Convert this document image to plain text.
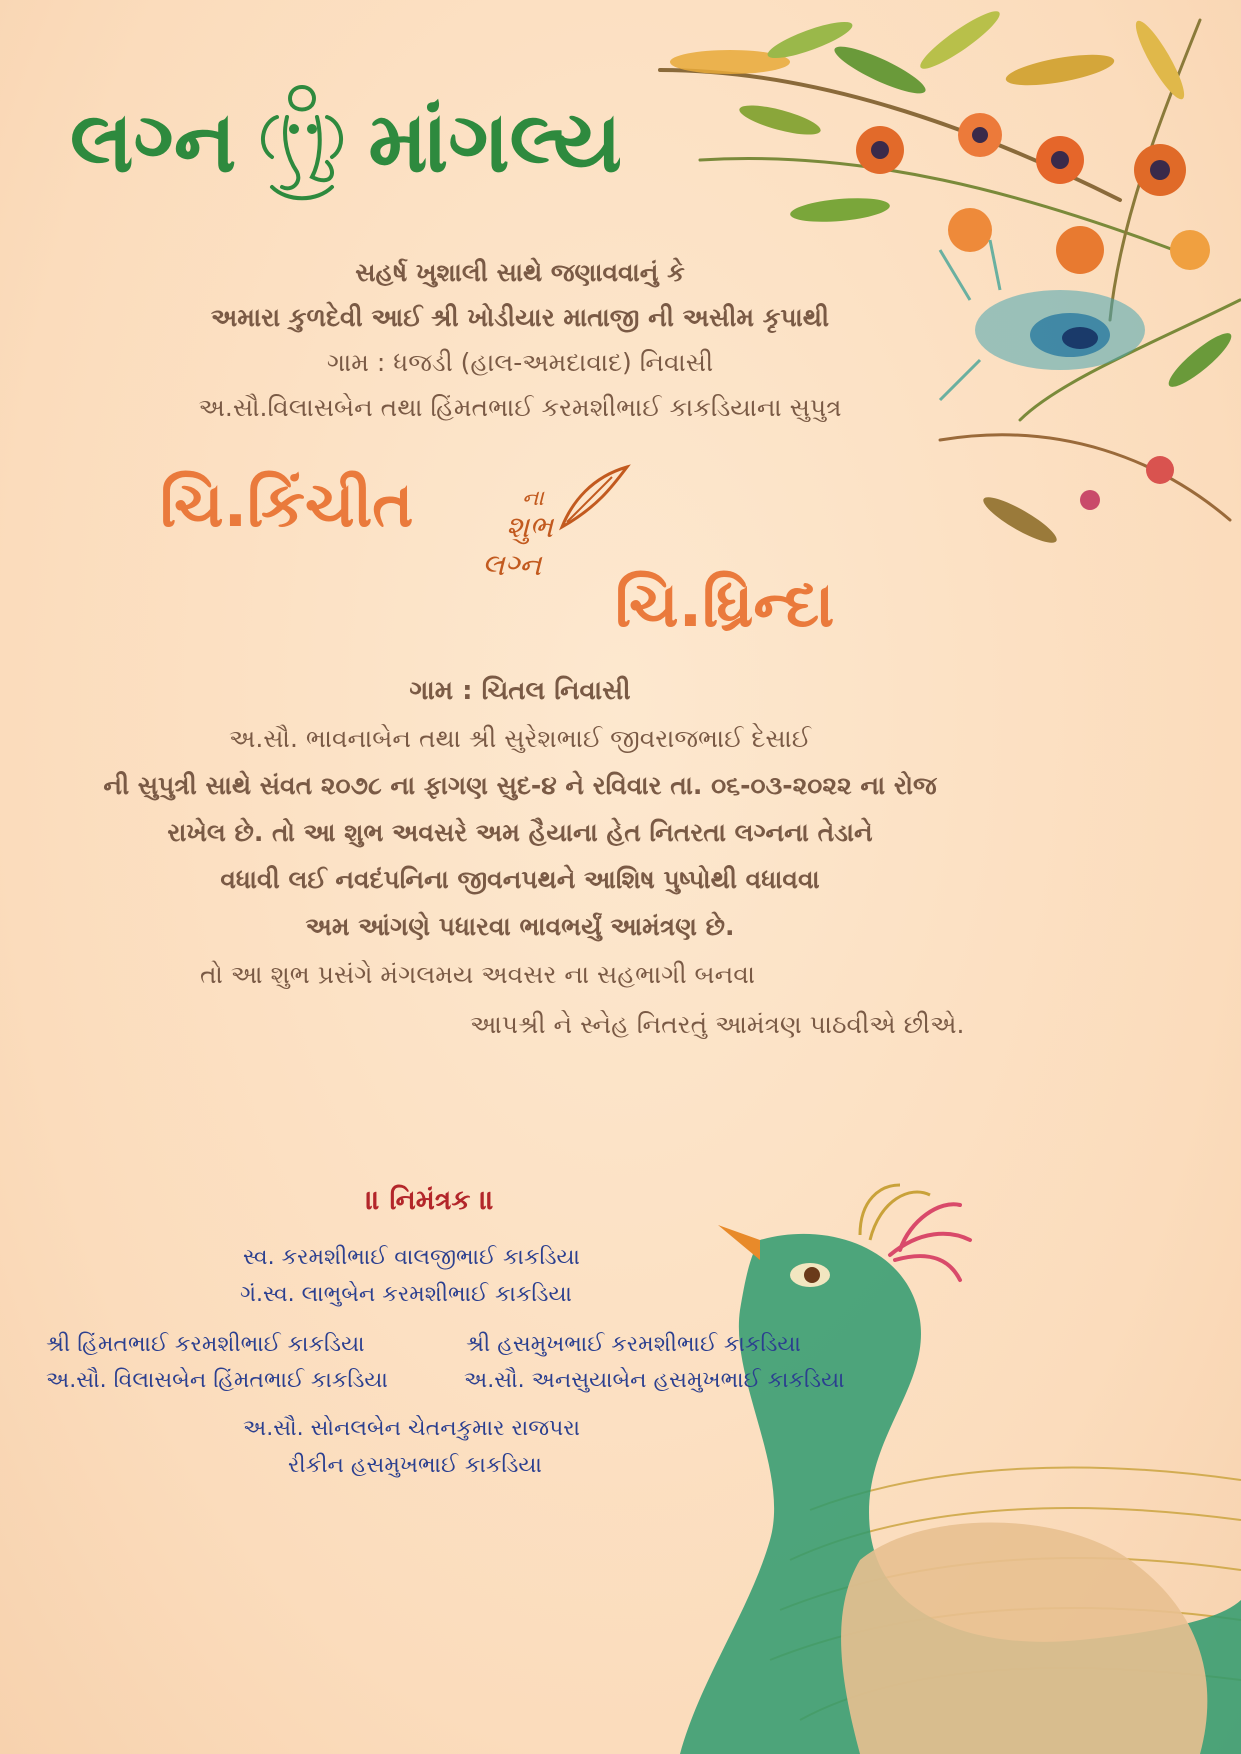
લગ્ન માંગલ્ય
સહર્ષ ખુશાલી સાથે જણાવવાનું કે
અમારા કુળદેવી આઈ શ્રી ખોડીયાર માતાજી ની અસીમ કૃપાથી
ગામ : ધજડી (હાલ-અમદાવાદ) નિવાસી
અ.સૌ.વિલાસબેન તથા હિંમતભાઈ કરમશીભાઈ કાકડિયાના સુપુત્ર
ચિ.કિંચીત	ના
શુભ
લગ્ન
ચિ.ધ્રિન્દા
ગામ : ચિતલ નિવાસી
અ.સૌ. ભાવનાબેન તથા શ્રી સુરેશભાઈ જીવરાજભાઈ દેસાઈ
ની સુપુત્રી સાથે સંવત ૨૦૭૮ ના ફાગણ સુદ-૪ ને રવિવાર તા. ૦૬-૦૩-૨૦૨૨ ના રોજ
રાખેલ છે. તો આ શુભ અવસરે અમ હૈયાના હેત નિતરતા લગ્નના તેડાને
વધાવી લઈ નવદંપનિના જીવનપથને આશિષ પુષ્પોથી વધાવવા
અમ આંગણે પધારવા ભાવભર્યું આમંત્રણ છે.
તો આ શુભ પ્રસંગે મંગલમય અવસર ના સહભાગી બનવા
આપશ્રી ને સ્નેહ નિતરતું આમંત્રણ પાઠવીએ છીએ.
॥ નિમંત્રક ॥
સ્વ. કરમશીભાઈ વાલજીભાઈ કાકડિયા
ગં.સ્વ. લાભુબેન કરમશીભાઈ કાકડિયા
શ્રી હિંમતભાઈ કરમશીભાઈ કાકડિયા	શ્રી હસમુખભાઈ કરમશીભાઈ કાકડિયા
અ.સૌ. વિલાસબેન હિંમતભાઈ કાકડિયા	અ.સૌ. અનસુયાબેન હસમુખભાઈ કાકડિયા
અ.સૌ. સોનલબેન ચેતનકુમાર રાજપરા
રીકીન હસમુખભાઈ કાકડિયા
